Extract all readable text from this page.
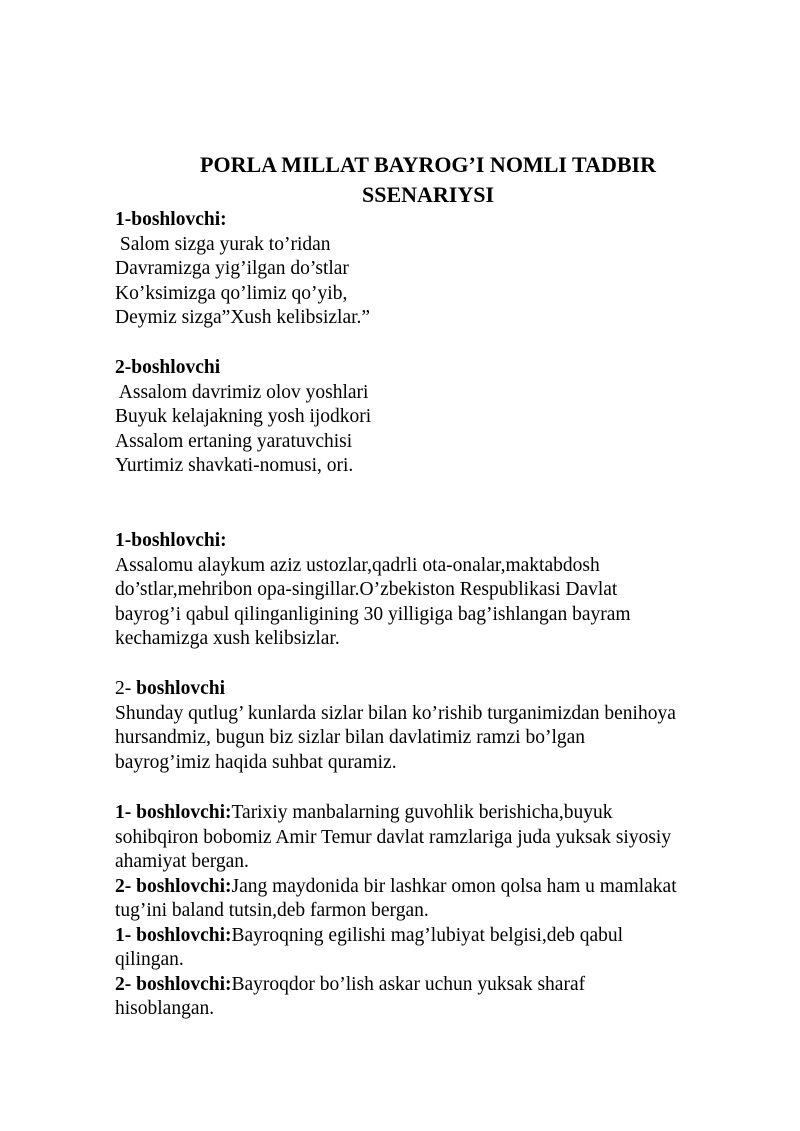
PORLA MILLAT BAYROG’I NOMLI TADBIR
SSENARIYSI
1-boshlovchi:
Salom sizga yurak to’ridan
Davramizga yig’ilgan do’stlar
Ko’ksimizga qo’limiz qo’yib,
Deymiz sizga”Xush kelibsizlar.”
2-boshlovchi
Assalom davrimiz olov yoshlari
Buyuk kelajakning yosh ijodkori
Assalom ertaning yaratuvchisi
Yurtimiz shavkati-nomusi, ori.
1-boshlovchi:
Assalomu alaykum aziz ustozlar,qadrli ota-onalar,maktabdosh
do’stlar,mehribon opa-singillar.O’zbekiston Respublikasi Davlat
bayrog’i qabul qilinganligining 30 yilligiga bag’ishlangan bayram
kechamizga xush kelibsizlar.
2- boshlovchi
Shunday qutlug’ kunlarda sizlar bilan ko’rishib turganimizdan benihoya
hursandmiz, bugun biz sizlar bilan davlatimiz ramzi bo’lgan
bayrog’imiz haqida suhbat quramiz.
1- boshlovchi:Tarixiy manbalarning guvohlik berishicha,buyuk
sohibqiron bobomiz Amir Temur davlat ramzlariga juda yuksak siyosiy
ahamiyat bergan.
2- boshlovchi:Jang maydonida bir lashkar omon qolsa ham u mamlakat
tug’ini baland tutsin,deb farmon bergan.
1- boshlovchi:Bayroqning egilishi mag’lubiyat belgisi,deb qabul
qilingan.
2- boshlovchi:Bayroqdor bo’lish askar uchun yuksak sharaf
hisoblangan.
